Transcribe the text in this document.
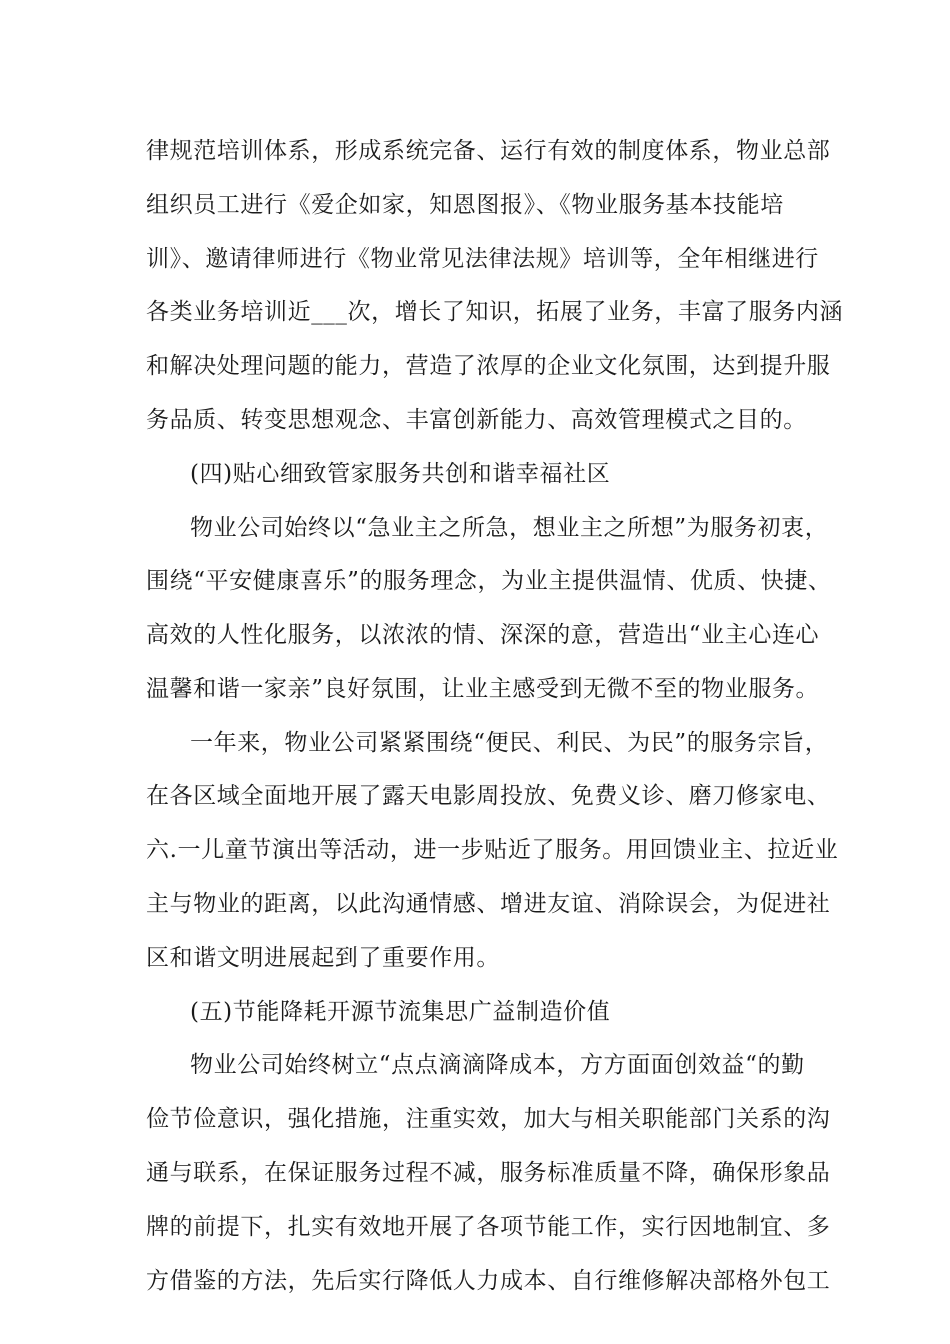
律规范培训体系，形成系统完备、运行有效的制度体系，物业总部
组织员工进行《爱企如家，知恩图报》、《物业服务基本技能培
训》、邀请律师进行《物业常见法律法规》培训等，全年相继进行
各类业务培训近___次，增长了知识，拓展了业务，丰富了服务内涵
和解决处理问题的能力，营造了浓厚的企业文化氛围，达到提升服
务品质、转变思想观念、丰富创新能力、高效管理模式之目的。
(四)贴心细致管家服务共创和谐幸福社区
物业公司始终以“急业主之所急，想业主之所想”为服务初衷，
围绕“平安健康喜乐”的服务理念，为业主提供温情、优质、快捷、
高效的人性化服务，以浓浓的情、深深的意，营造出“业主心连心
温馨和谐一家亲”良好氛围，让业主感受到无微不至的物业服务。
一年来，物业公司紧紧围绕“便民、利民、为民”的服务宗旨，
在各区域全面地开展了露天电影周投放、免费义诊、磨刀修家电、
六.一儿童节演出等活动，进一步贴近了服务。用回馈业主、拉近业
主与物业的距离，以此沟通情感、增进友谊、消除误会，为促进社
区和谐文明进展起到了重要作用。
(五)节能降耗开源节流集思广益制造价值
物业公司始终树立“点点滴滴降成本，方方面面创效益“的勤
俭节俭意识，强化措施，注重实效，加大与相关职能部门关系的沟
通与联系，在保证服务过程不减，服务标准质量不降，确保形象品
牌的前提下，扎实有效地开展了各项节能工作，实行因地制宜、多
方借鉴的方法，先后实行降低人力成本、自行维修解决部格外包工
